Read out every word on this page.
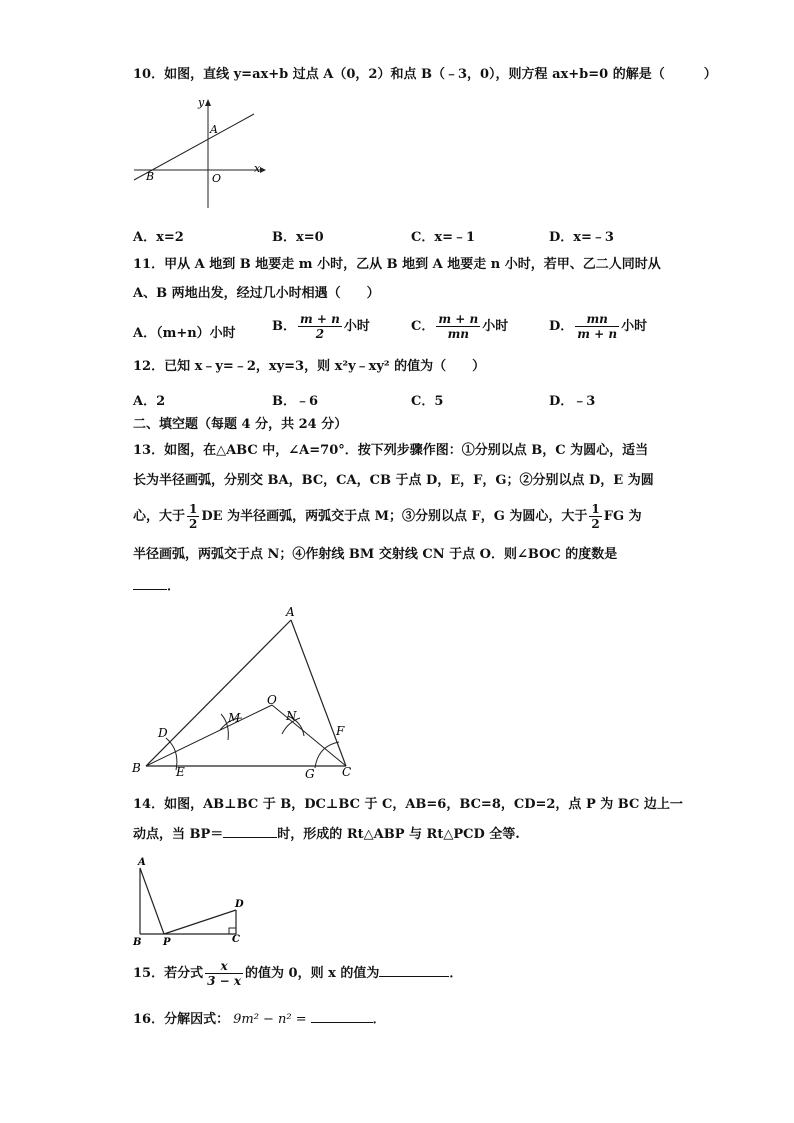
10．如图，直线 y=ax+b 过点 A（0，2）和点 B（﹣3，0），则方程 ax+b=0 的解是（　　　）
y
x
A
B	O
A．x=2	B．x=0	C．x=﹣1	D．x=﹣3
11．甲从 A 地到 B 地要走 m 小时，乙从 B 地到 A 地要走 n 小时，若甲、乙二人同时从
A、B 两地出发，经过几小时相遇（　　）
A．（m+n）小时	B． $\frac{m + n}{2}$ 小时	C． $\frac{m + n}{mn}$ 小时	D． $\frac{mn}{m + n}$ 小时
12．已知 x﹣y=﹣2，xy=3，则 x²y﹣xy² 的值为（　　）
A．2	B．﹣6	C．5	D．﹣3
二、填空题（每题 4 分，共 24 分）
13．如图，在△ABC 中，∠A=70°．按下列步骤作图：①分别以点 B，C 为圆心，适当
长为半径画弧，分别交 BA，BC，CA，CB 于点 D，E，F，G；②分别以点 D，E 为圆
心，大于 $\frac{1}{2}$ DE 为半径画弧，两弧交于点 M；③分别以点 F，G 为圆心，大于 $\frac{1}{2}$ FG 为
半径画弧，两弧交于点 N；④作射线 BM 交射线 CN 于点 O．则∠BOC 的度数是
．
A
B	C
D
E
F
G
M	N
O
14．如图，AB⊥BC 于 B，DC⊥BC 于 C，AB=6，BC=8，CD=2，点 P 为 BC 边上一
动点，当 BP＝	时，形成的 Rt△ABP 与 Rt△PCD 全等.
A
B P	C
D
15．若分式 $\frac{x}{3 - x}$ 的值为 0，则 x 的值为	．
16．分解因式： 9m² − n² =	．
